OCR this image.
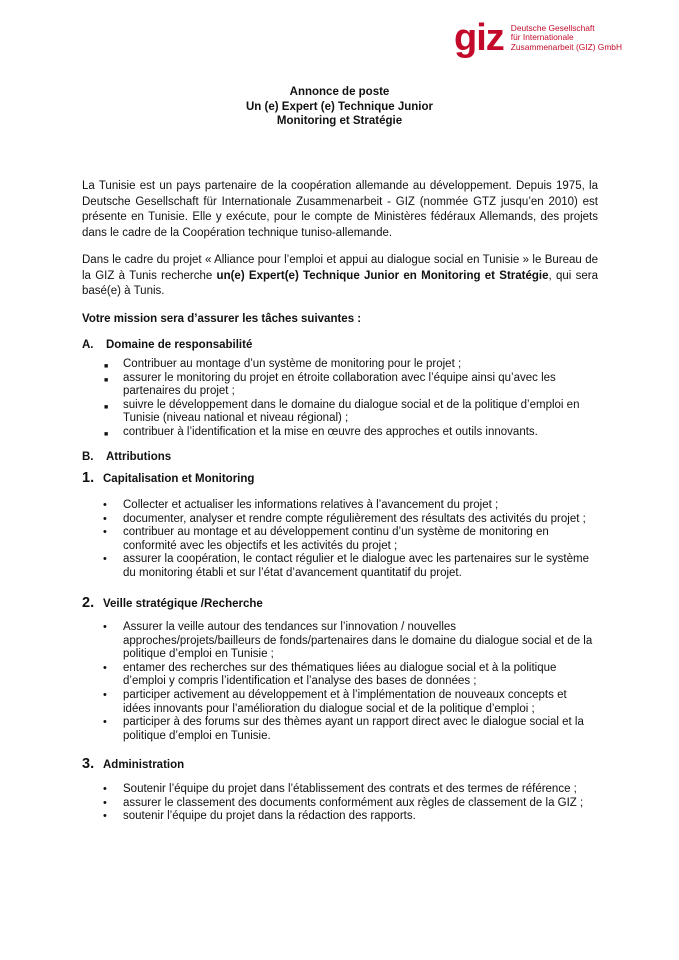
giz Deutsche Gesellschaft
für Internationale
Zusammenarbeit (GIZ) GmbH
Annonce de poste
Un (e) Expert (e) Technique Junior
Monitoring et Stratégie

La Tunisie est un pays partenaire de la coopération allemande au développement. Depuis 1975, la Deutsche Gesellschaft für Internationale Zusammenarbeit - GIZ (nommée GTZ jusqu’en 2010) est présente en Tunisie. Elle y exécute, pour le compte de Ministères fédéraux Allemands, des projets dans le cadre de la Coopération technique tuniso-allemande.

Dans le cadre du projet « Alliance pour l’emploi et appui au dialogue social en Tunisie » le Bureau de la GIZ à Tunis recherche un(e) Expert(e) Technique Junior en Monitoring et Stratégie, qui sera basé(e) à Tunis.

Votre mission sera d’assurer les tâches suivantes :
A. Domaine de responsabilité
■ Contribuer au montage d’un système de monitoring pour le projet ;
■ assurer le monitoring du projet en étroite collaboration avec l’équipe ainsi qu’avec les partenaires du projet ;
■ suivre le développement dans le domaine du dialogue social et de la politique d’emploi en Tunisie (niveau national et niveau régional) ;
■ contribuer à l’identification et la mise en œuvre des approches et outils innovants.
B. Attributions
1. Capitalisation et Monitoring
• Collecter et actualiser les informations relatives à l’avancement du projet ;
• documenter, analyser et rendre compte régulièrement des résultats des activités du projet ;
• contribuer au montage et au développement continu d’un système de monitoring en conformité avec les objectifs et les activités du projet ;
• assurer la coopération, le contact régulier et le dialogue avec les partenaires sur le système du monitoring établi et sur l’état d’avancement quantitatif du projet.
2. Veille stratégique /Recherche
• Assurer la veille autour des tendances sur l’innovation / nouvelles approches/projets/bailleurs de fonds/partenaires dans le domaine du dialogue social et de la politique d’emploi en Tunisie ;
• entamer des recherches sur des thématiques liées au dialogue social et à la politique d’emploi y compris l’identification et l’analyse des bases de données ;
• participer activement au développement et à l’implémentation de nouveaux concepts et idées innovants pour l’amélioration du dialogue social et de la politique d’emploi ;
• participer à des forums sur des thèmes ayant un rapport direct avec le dialogue social et la politique d’emploi en Tunisie.
3. Administration
• Soutenir l’équipe du projet dans l’établissement des contrats et des termes de référence ;
• assurer le classement des documents conformément aux règles de classement de la GIZ ;
• soutenir l’équipe du projet dans la rédaction des rapports.
